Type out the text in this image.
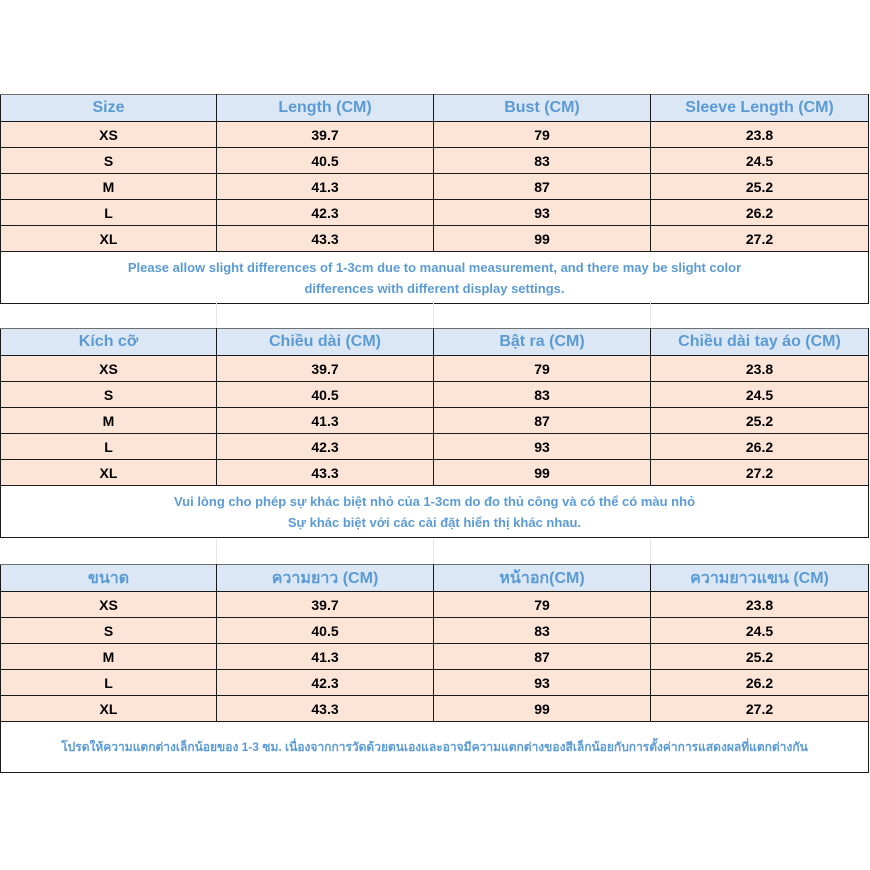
Size	Length (CM)	Bust (CM)	Sleeve Length (CM)
XS	39.7	79	23.8
S	40.5	83	24.5
M	41.3	87	25.2
L	42.3	93	26.2
XL	43.3	99	27.2

Please allow slight differences of 1-3cm due to manual measurement, and there may be slight color
differences with different display settings.			
Kích cỡ	Chiều dài (CM)	Bật ra (CM)	Chiều dài tay áo (CM)
XS	39.7	79	23.8
S	40.5	83	24.5
M	41.3	87	25.2
L	42.3	93	26.2
XL	43.3	99	27.2

Vui lòng cho phép sự khác biệt nhỏ của 1-3cm do đo thủ công và có thể có màu nhỏ
Sự khác biệt với các cài đặt hiển thị khác nhau.			
ขนาด	ความยาว (CM)	หน้าอก(CM)	ความยาวแขน (CM)
XS	39.7	79	23.8
S	40.5	83	24.5
M	41.3	87	25.2
L	42.3	93	26.2
XL	43.3	99	27.2

โปรดให้ความแตกต่างเล็กน้อยของ 1-3 ซม. เนื่องจากการวัดด้วยตนเองและอาจมีความแตกต่างของสีเล็กน้อยกับการตั้งค่าการแสดงผลที่แตกต่างกัน			
